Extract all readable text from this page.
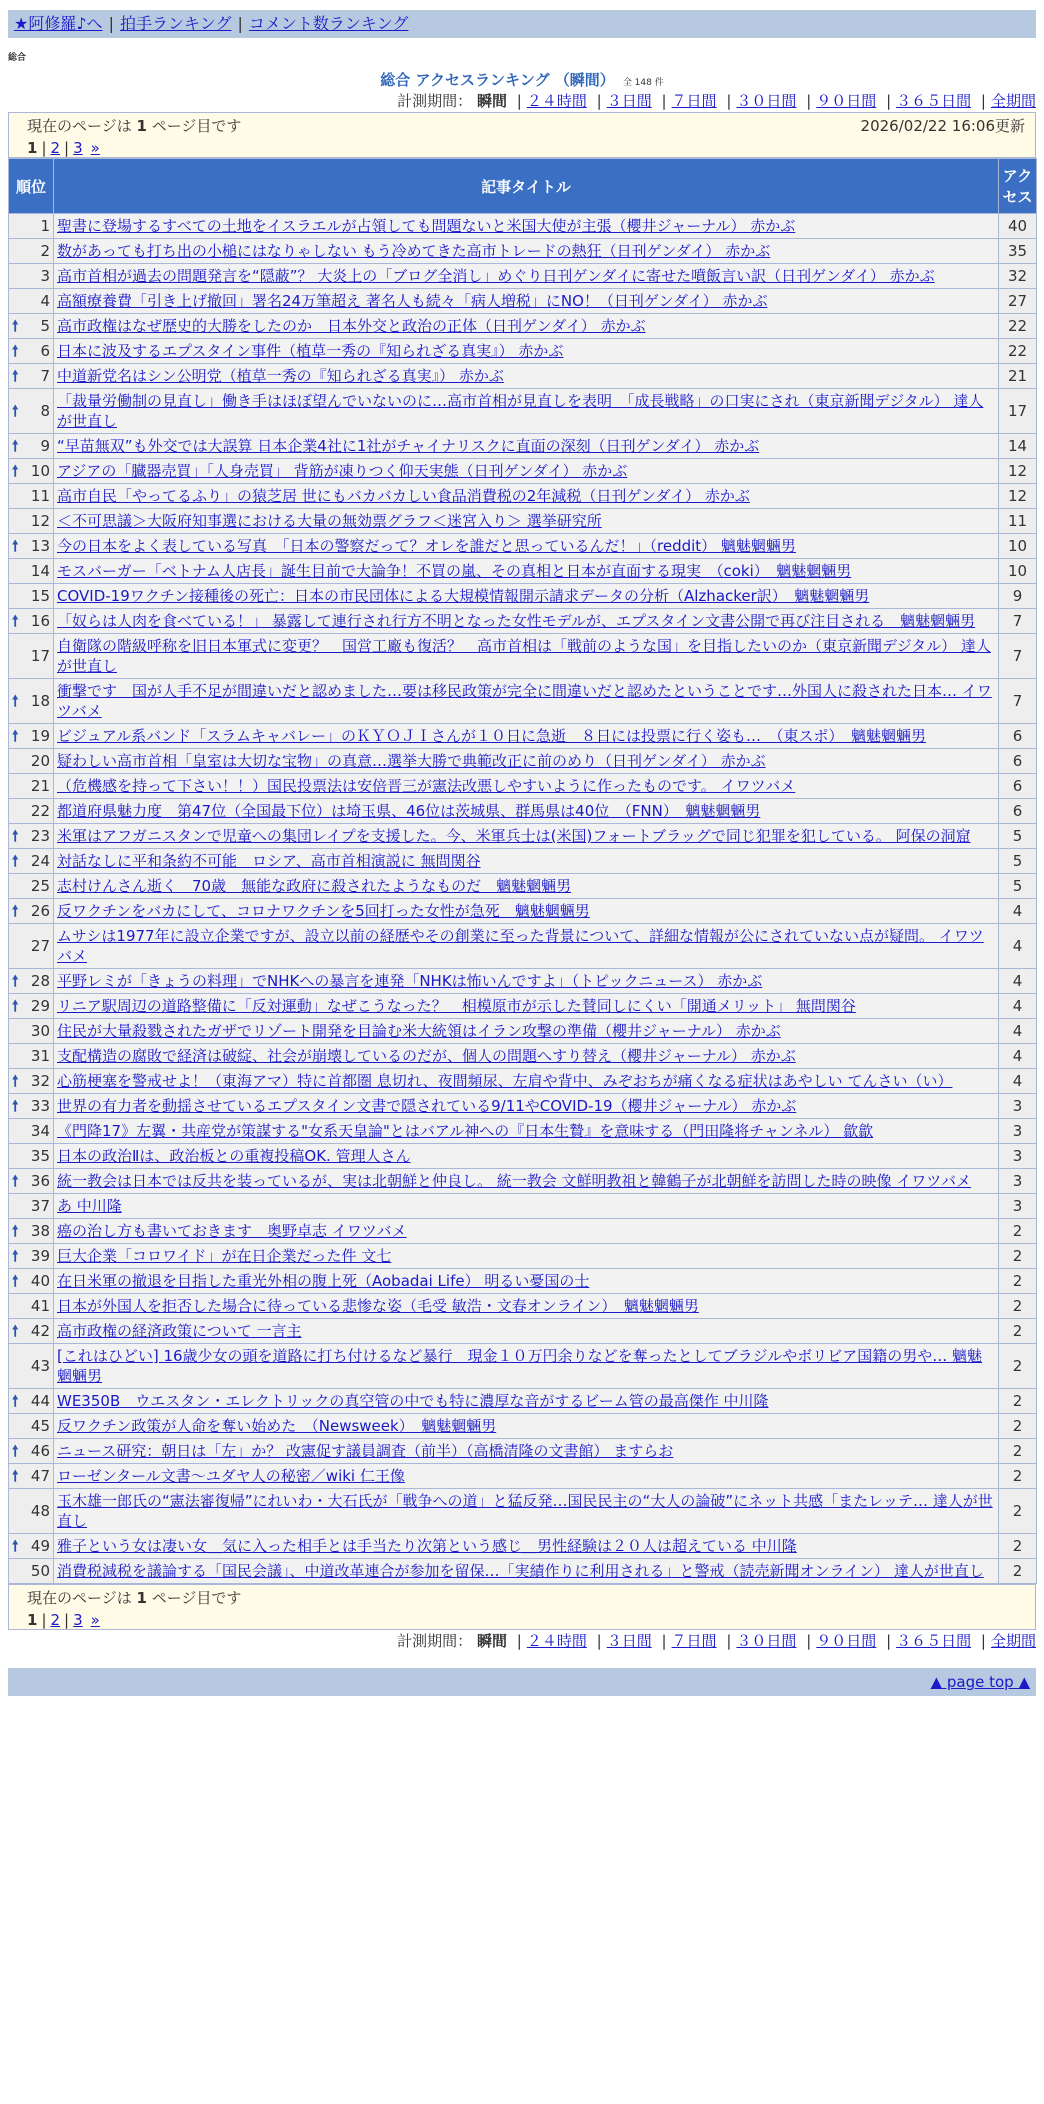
★阿修羅♪へ | 拍手ランキング | コメント数ランキング
総合
総合 アクセスランキング （瞬間） 全 148 件
計測期間： 瞬間 | ２４時間 | ３日間 | ７日間 | ３０日間 | ９０日間 | ３６５日間 | 全期間
現在のページは 1 ページ目です	2026/02/22 16:06更新
1 | 2 | 3 »
順位	記事タイトル	アクセス
1	聖書に登場するすべての土地をイスラエルが占領しても問題ないと米国大使が主張（櫻井ジャーナル） 赤かぶ	40
2	数があっても打ち出の小槌にはなりゃしない もう冷めてきた高市トレードの熱狂（日刊ゲンダイ） 赤かぶ	35
3	高市首相が過去の問題発言を“隠蔽”？ 大炎上の「ブログ全消し」めぐり日刊ゲンダイに寄せた噴飯言い訳（日刊ゲンダイ） 赤かぶ	32
4	高額療養費「引き上げ撤回」署名24万筆超え 著名人も続々「病人増税」にNO！（日刊ゲンダイ） 赤かぶ	27

🠕 5	高市政権はなぜ歴史的大勝をしたのか　日本外交と政治の正体（日刊ゲンダイ） 赤かぶ	22

🠕 6	日本に波及するエプスタイン事件（植草一秀の『知られざる真実』） 赤かぶ	22

🠕 7	中道新党名はシン公明党（植草一秀の『知られざる真実』） 赤かぶ	21

🠕 8	「裁量労働制の見直し」働き手はほぼ望んでいないのに…高市首相が見直しを表明　「成長戦略」の口実にされ（東京新聞デジタル） 達人が世直し	17

🠕 9	“早苗無双”も外交では大誤算 日本企業4社に1社がチャイナリスクに直面の深刻（日刊ゲンダイ） 赤かぶ	14

🠕 10	アジアの「臓器売買」「人身売買」 背筋が凍りつく仰天実態（日刊ゲンダイ） 赤かぶ	12
11	高市自民「やってるふり」の猿芝居 世にもバカバカしい食品消費税の2年減税（日刊ゲンダイ） 赤かぶ	12
12	＜不可思議＞大阪府知事選における大量の無効票グラフ＜迷宮入り＞ 選挙研究所	11

🠕 13	今の日本をよく表している写真　「日本の警察だって？オレを誰だと思っているんだ！」（reddit） 魑魅魍魎男	10
14	モスバーガー「ベトナム人店長」誕生目前で大論争！不買の嵐、その真相と日本が直面する現実　（coki）　魑魅魍魎男	10
15	COVID-19ワクチン接種後の死亡：日本の市民団体による大規模情報開示請求データの分析（Alzhacker訳）　魑魅魍魎男	9

🠕 16	「奴らは人肉を食べている！」 暴露して連行され行方不明となった女性モデルが、エプスタイン文書公開で再び注目される　魑魅魍魎男	7
17	自衛隊の階級呼称を旧日本軍式に変更？　国営工廠も復活？　高市首相は「戦前のような国」を目指したいのか（東京新聞デジタル） 達人が世直し	7

🠕 18	衝撃です　国が人手不足が間違いだと認めました…要は移民政策が完全に間違いだと認めたということです…外国人に殺された日本… イワツバメ	7

🠕 19	ビジュアル系バンド「スラムキャバレー」のＫＹＯＪＩさんが１０日に急逝　８日には投票に行く姿も…　（東スポ）　魑魅魍魎男	6
20	疑わしい高市首相「皇室は大切な宝物」の真意…選挙大勝で典範改正に前のめり（日刊ゲンダイ） 赤かぶ	6
21	（危機感を持って下さい！！）国民投票法は安倍晋三が憲法改悪しやすいように作ったものです。 イワツバメ	6
22	都道府県魅力度　第47位（全国最下位）は埼玉県、46位は茨城県、群馬県は40位　（FNN）　魑魅魍魎男	6

🠕 23	米軍はアフガニスタンで児童への集団レイプを支援した。今、米軍兵士は(米国)フォートブラッグで同じ犯罪を犯している。 阿保の洞窟	5

🠕 24	対話なしに平和条約不可能　ロシア、高市首相演説に 無問関谷	5
25	志村けんさん逝く　70歳　無能な政府に殺されたようなものだ　魑魅魍魎男	5

🠕 26	反ワクチンをバカにして、コロナワクチンを5回打った女性が急死　魑魅魍魎男	4
27	ムサシは1977年に設立企業ですが、設立以前の経歴やその創業に至った背景について、詳細な情報が公にされていない点が疑問。 イワツバメ	4

🠕 28	平野レミが「きょうの料理」でNHKへの暴言を連発「NHKは怖いんですよ」（トピックニュース） 赤かぶ	4

🠕 29	リニア駅周辺の道路整備に「反対運動」なぜこうなった？　相模原市が示した賛同しにくい「開通メリット」 無問関谷	4
30	住民が大量殺戮されたガザでリゾート開発を目論む米大統領はイラン攻撃の準備（櫻井ジャーナル） 赤かぶ	4
31	支配構造の腐敗で経済は破綻、社会が崩壊しているのだが、個人の問題へすり替え（櫻井ジャーナル） 赤かぶ	4

🠕 32	心筋梗塞を警戒せよ！（東海アマ）特に首都圏 息切れ、夜間頻尿、左肩や背中、みぞおちが痛くなる症状はあやしい てんさい（い）	4

🠕 33	世界の有力者を動揺させているエプスタイン文書で隠されている9/11やCOVID-19（櫻井ジャーナル） 赤かぶ	3
34	《門降17》左翼・共産党が策謀する"女系天皇論"とはバアル神への『日本生贄』を意味する（門田隆将チャンネル） 歙歙	3
35	日本の政治Ⅱは、政治板との重複投稿OK. 管理人さん	3

🠕 36	統一教会は日本では反共を装っているが、実は北朝鮮と仲良し。 統一教会 文鮮明教祖と韓鶴子が北朝鮮を訪問した時の映像 イワツバメ	3
37	あ 中川隆	3

🠕 38	癌の治し方も書いておきます　奥野卓志 イワツバメ	2

🠕 39	巨大企業「コロワイド」が在日企業だった件 文七	2

🠕 40	在日米軍の撤退を目指した重光外相の腹上死（Aobadai Life） 明るい憂国の士	2
41	日本が外国人を拒否した場合に待っている悲惨な姿（毛受 敏浩・文春オンライン）　魑魅魍魎男	2

🠕 42	高市政権の経済政策について 一言主	2
43	[これはひどい] 16歳少女の頭を道路に打ち付けるなど暴行　現金１０万円余りなどを奪ったとしてブラジルやボリビア国籍の男や… 魑魅魍魎男	2

🠕 44	WE350B　ウエスタン・エレクトリックの真空管の中でも特に濃厚な音がするビーム管の最高傑作 中川隆	2
45	反ワクチン政策が人命を奪い始めた　（Newsweek）　魑魅魍魎男	2

🠕 46	ニュース研究：朝日は「左」か？ 改憲促す議員調査（前半）（高橋清隆の文書館） ますらお	2

🠕 47	ローゼンタール文書～ユダヤ人の秘密／wiki 仁王像	2
48	玉木雄一郎氏の“憲法審復帰”にれいわ・大石氏が「戦争への道」と猛反発…国民民主の“大人の論破”にネット共感「またレッテ… 達人が世直し	2

🠕 49	雅子という女は凄い女＿気に入った相手とは手当たり次第という感じ＿男性経験は２０人は超えている 中川隆	2
50	消費税減税を議論する「国民会議」、中道改革連合が参加を留保…「実績作りに利用される」と警戒（読売新聞オンライン） 達人が世直し	2
現在のページは 1 ページ目です
1 | 2 | 3 »
計測期間： 瞬間 | ２４時間 | ３日間 | ７日間 | ３０日間 | ９０日間 | ３６５日間 | 全期間
▲ page top ▲
